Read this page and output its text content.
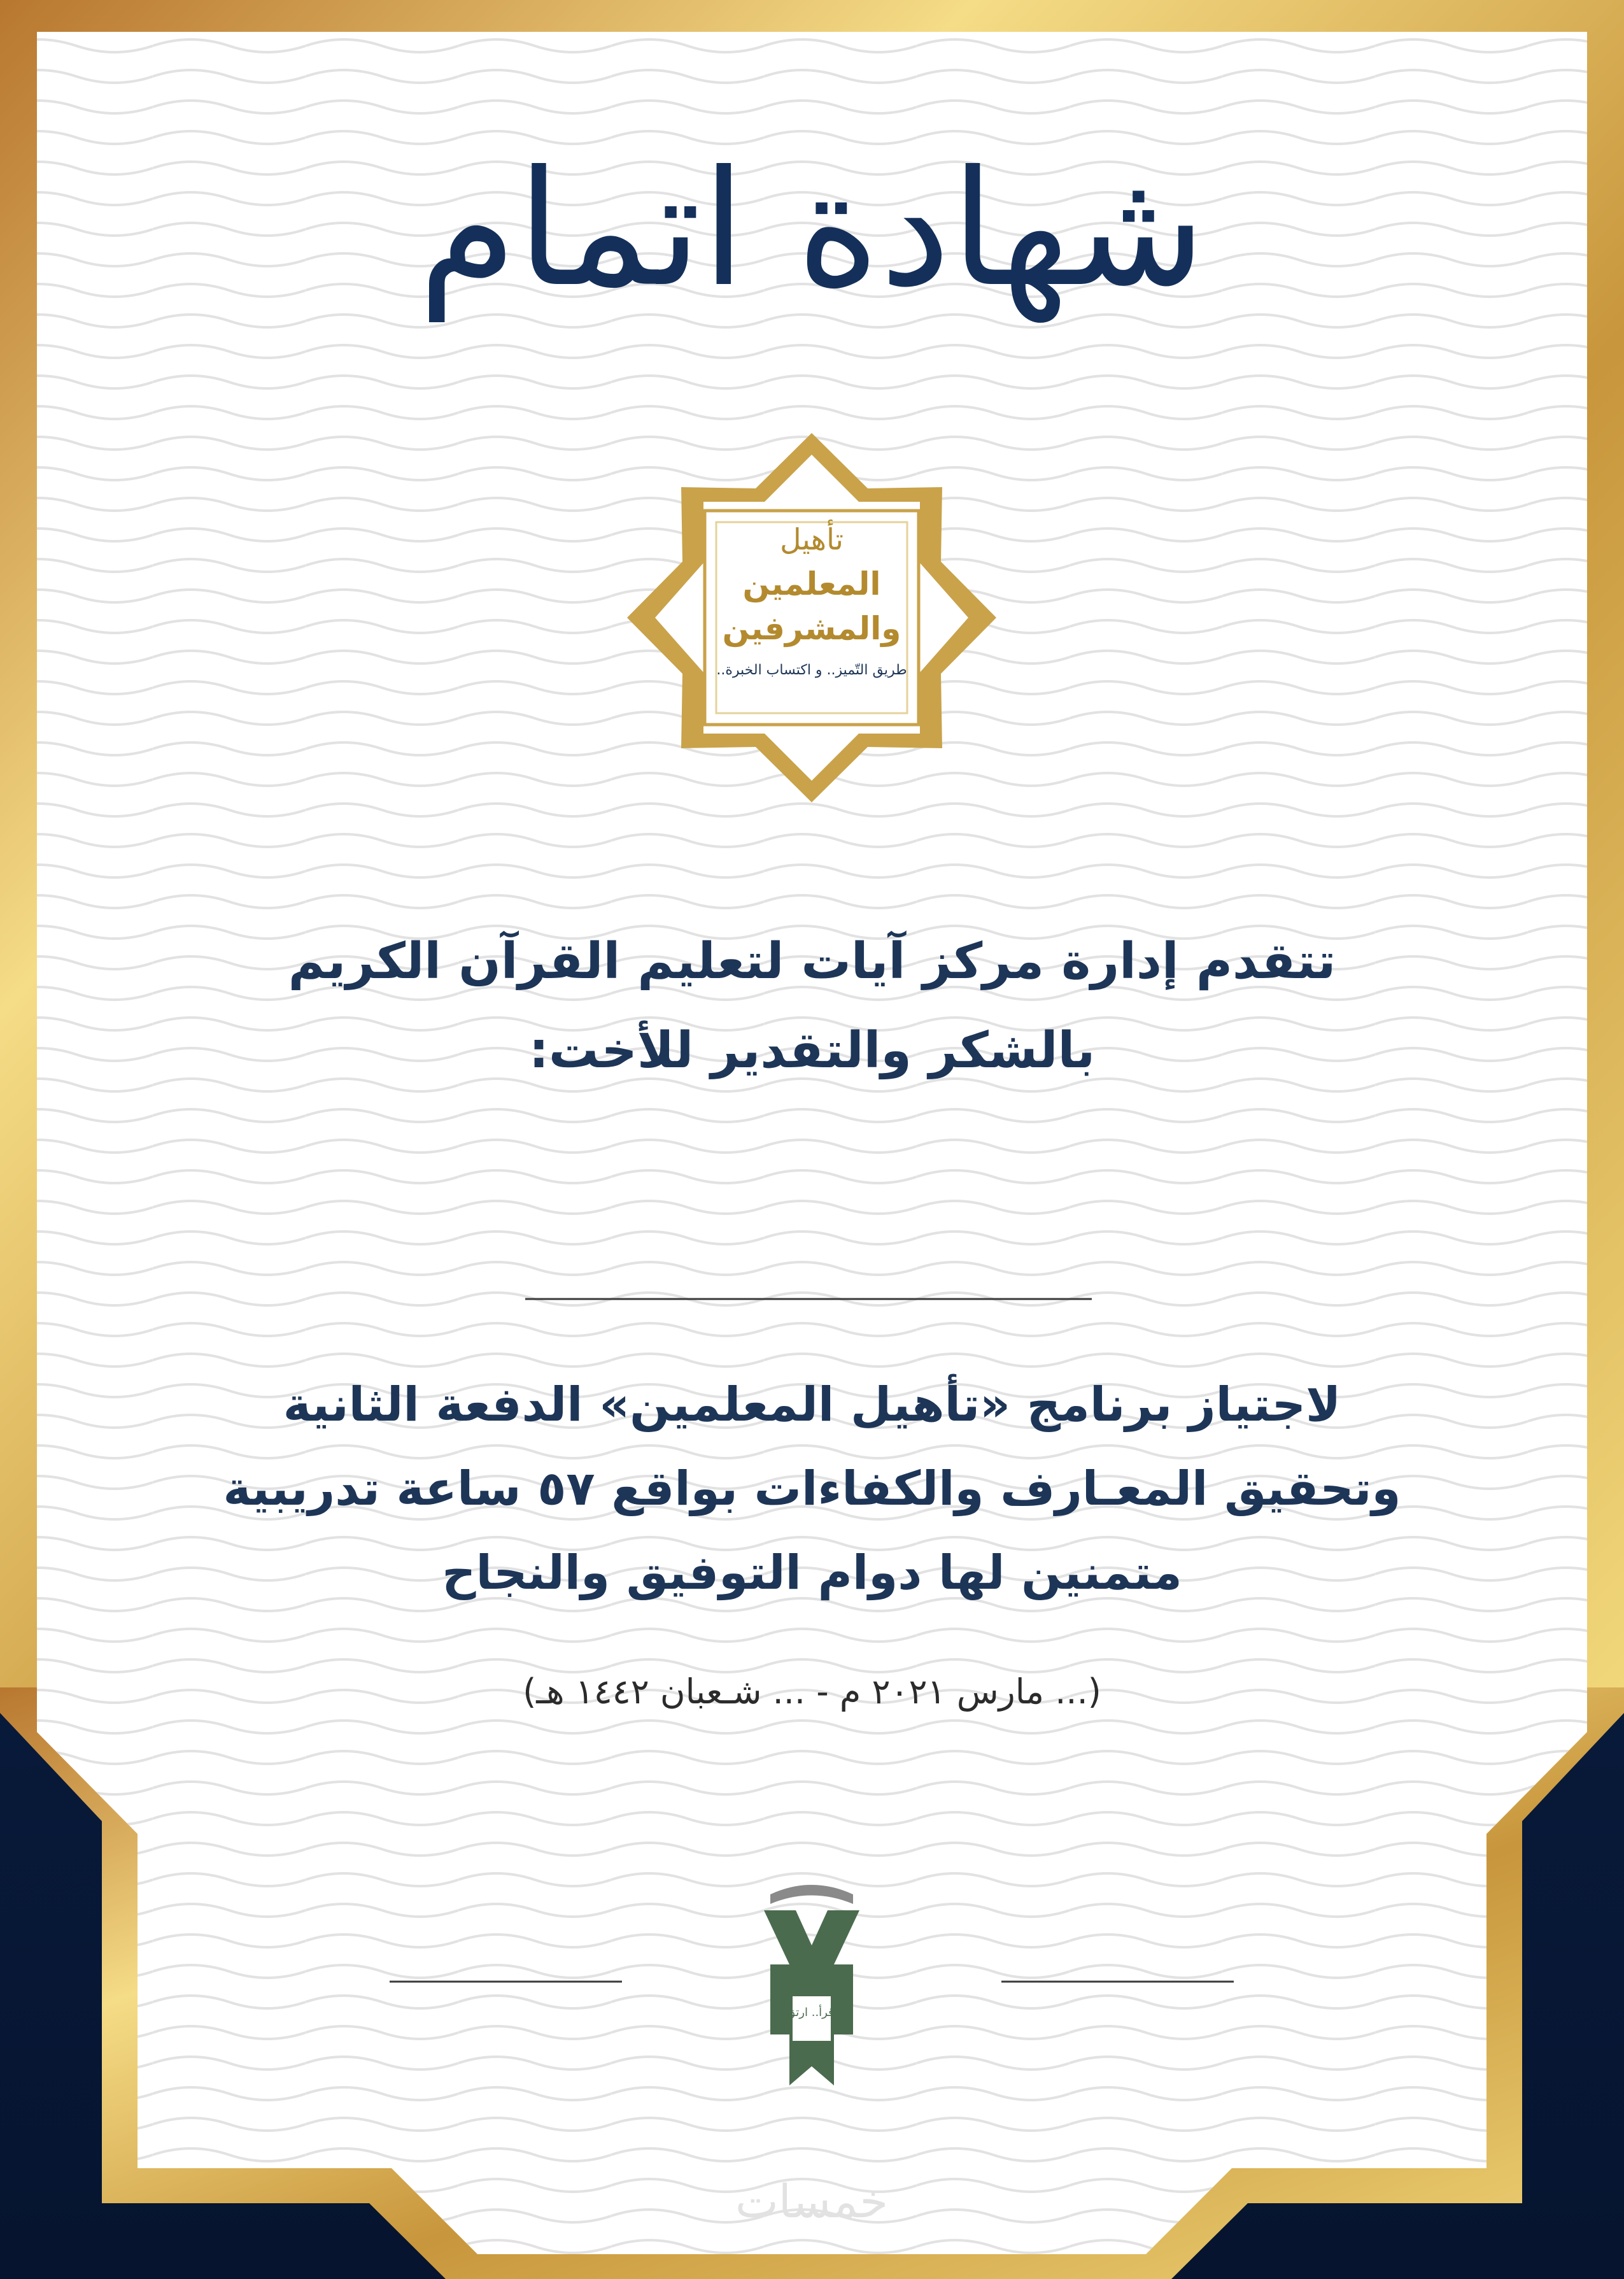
شهادة اتمام

تأهيل

المعلمين

والمشرفين

طريق التّميز.. و اكتساب الخبرة..

تتقدم إدارة مركز آيات لتعليم القرآن الكريم
بالشكر والتقدير للأخت:
لاجتياز برنامج «تأهيل المعلمين» الدفعة الثانية
وتحقيق المعـارف والكفاءات بواقع ٥٧ ساعة تدريبية
متمنين لها دوام التوفيق والنجاح

(... مارس ٢٠٢١ م - ... شـعبان ١٤٤٢ هـ)

اقرأ.. ارتق

خمسات
